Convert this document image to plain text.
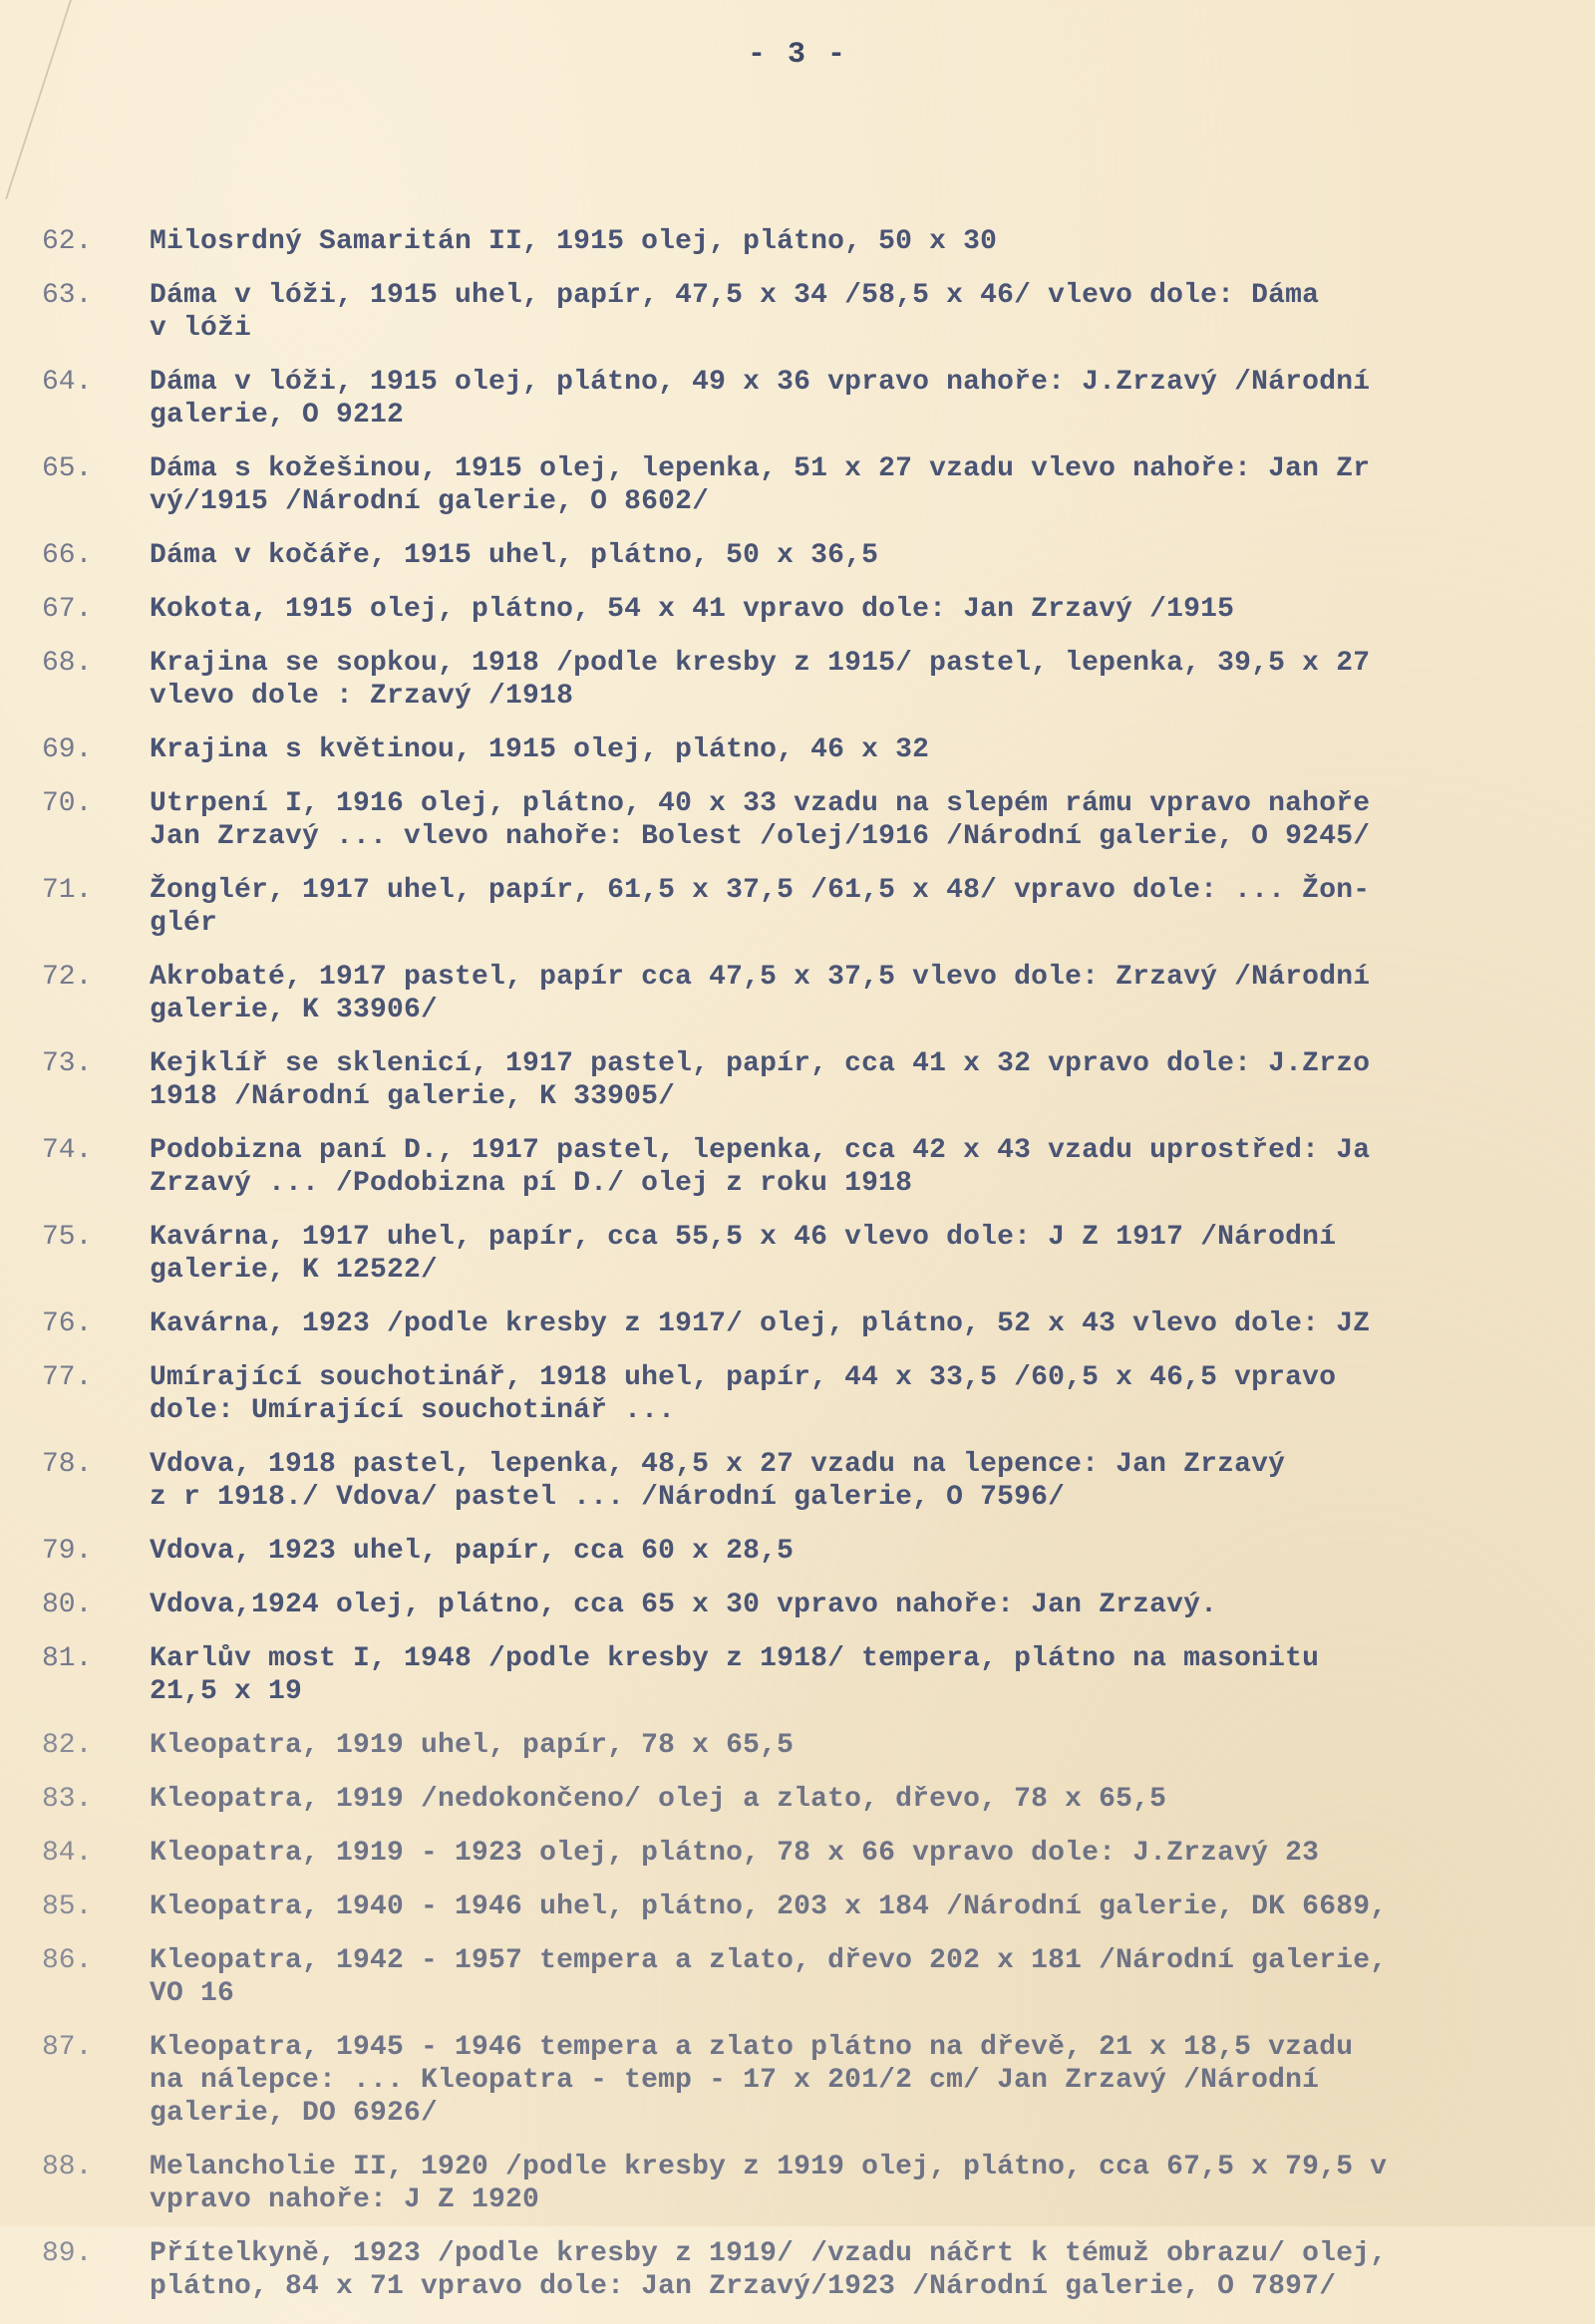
- 3 -
62.	Milosrdný Samaritán II, 1915 olej, plátno, 50 x 30
63.	Dáma v lóži, 1915 uhel, papír, 47,5 x 34 /58,5 x 46/ vlevo dole: Dáma
v lóži
64.	Dáma v lóži, 1915 olej, plátno, 49 x 36 vpravo nahoře: J.Zrzavý /Národní
galerie, O 9212
65.	Dáma s kožešinou, 1915 olej, lepenka, 51 x 27 vzadu vlevo nahoře: Jan Zr
vý/1915 /Národní galerie, O 8602/
66.	Dáma v kočáře, 1915 uhel, plátno, 50 x 36,5
67.	Kokota, 1915 olej, plátno, 54 x 41 vpravo dole: Jan Zrzavý /1915
68.	Krajina se sopkou, 1918 /podle kresby z 1915/ pastel, lepenka, 39,5 x 27
vlevo dole : Zrzavý /1918
69.	Krajina s květinou, 1915 olej, plátno, 46 x 32
70.	Utrpení I, 1916 olej, plátno, 40 x 33 vzadu na slepém rámu vpravo nahoře
Jan Zrzavý ... vlevo nahoře: Bolest /olej/1916 /Národní galerie, O 9245/
71.	Žonglér, 1917 uhel, papír, 61,5 x 37,5 /61,5 x 48/ vpravo dole: ... Žon-
glér
72.	Akrobaté, 1917 pastel, papír cca 47,5 x 37,5 vlevo dole: Zrzavý /Národní
galerie, K 33906/
73.	Kejklíř se sklenicí, 1917 pastel, papír, cca 41 x 32 vpravo dole: J.Zrzo
1918 /Národní galerie, K 33905/
74.	Podobizna paní D., 1917 pastel, lepenka, cca 42 x 43 vzadu uprostřed: Ja
Zrzavý ... /Podobizna pí D./ olej z roku 1918
75.	Kavárna, 1917 uhel, papír, cca 55,5 x 46 vlevo dole: J Z 1917 /Národní
galerie, K 12522/
76.	Kavárna, 1923 /podle kresby z 1917/ olej, plátno, 52 x 43 vlevo dole: JZ
77.	Umírající souchotinář, 1918 uhel, papír, 44 x 33,5 /60,5 x 46,5 vpravo
dole: Umírající souchotinář ...
78.	Vdova, 1918 pastel, lepenka, 48,5 x 27 vzadu na lepence: Jan Zrzavý
z r 1918./ Vdova/ pastel ... /Národní galerie, O 7596/
79.	Vdova, 1923 uhel, papír, cca 60 x 28,5
80.	Vdova,1924 olej, plátno, cca 65 x 30 vpravo nahoře: Jan Zrzavý.
81.	Karlův most I, 1948 /podle kresby z 1918/ tempera, plátno na masonitu
21,5 x 19
82.	Kleopatra, 1919 uhel, papír, 78 x 65,5
83.	Kleopatra, 1919 /nedokončeno/ olej a zlato, dřevo, 78 x 65,5
84.	Kleopatra, 1919 - 1923 olej, plátno, 78 x 66 vpravo dole: J.Zrzavý 23
85.	Kleopatra, 1940 - 1946 uhel, plátno, 203 x 184 /Národní galerie, DK 6689,
86.	Kleopatra, 1942 - 1957 tempera a zlato, dřevo 202 x 181 /Národní galerie,
VO 16
87.	Kleopatra, 1945 - 1946 tempera a zlato plátno na dřevě, 21 x 18,5 vzadu
na nálepce: ... Kleopatra - temp - 17 x 201/2 cm/ Jan Zrzavý /Národní
galerie, DO 6926/
88.	Melancholie II, 1920 /podle kresby z 1919 olej, plátno, cca 67,5 x 79,5 v
vpravo nahoře: J Z 1920
89.	Přítelkyně, 1923 /podle kresby z 1919/ /vzadu náčrt k témuž obrazu/ olej,
plátno, 84 x 71 vpravo dole: Jan Zrzavý/1923 /Národní galerie, O 7897/
